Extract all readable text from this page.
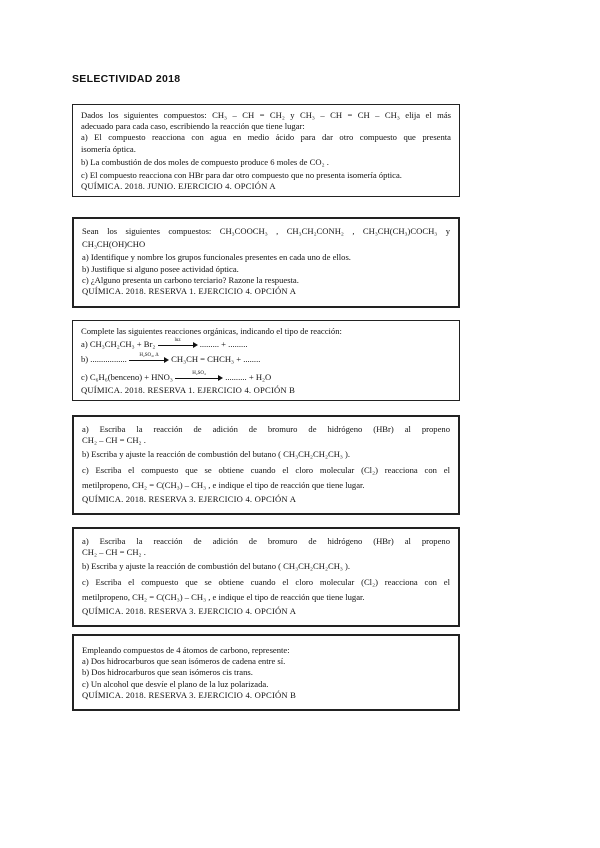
SELECTIVIDAD 2018
Dados los siguientes compuestos: CH₃ – CH = CH₂ y CH₃ – CH = CH – CH₃ elija el más
adecuado para cada caso, escribiendo la reacción que tiene lugar:
a) El compuesto reacciona con agua en medio ácido para dar otro compuesto que presenta
isomería óptica.
b) La combustión de dos moles de compuesto produce 6 moles de CO₂ .
c) El compuesto reacciona con HBr para dar otro compuesto que no presenta isomería óptica.
QUÍMICA. 2018. JUNIO. EJERCICIO 4. OPCIÓN A
Sean los siguientes compuestos: CH₃COOCH₃ , CH₃CH₂CONH₂ , CH₃CH(CH₃)COCH₃ y
CH₃CH(OH)CHO
a) Identifique y nombre los grupos funcionales presentes en cada uno de ellos.
b) Justifique si alguno posee actividad óptica.
c) ¿Alguno presenta un carbono terciario? Razone la respuesta.
QUÍMICA. 2018. RESERVA 1. EJERCICIO 4. OPCIÓN A
Complete las siguientes reacciones orgánicas, indicando el tipo de reacción:
a) CH₃CH₂CH₃ + Br₂	luz	......... + .........
b) .................	H₂SO₄, Δ	CH₃CH = CHCH₃ + ........
c) C₆H₆(benceno) + HNO₃	H₂SO₄	.......... + H₂O
QUÍMICA. 2018. RESERVA 1. EJERCICIO 4. OPCIÓN B
a) Escriba la reacción de adición de bromuro de hidrógeno (HBr) al propeno
CH₂ – CH = CH₂ .
b) Escriba y ajuste la reacción de combustión del butano ( CH₃CH₂CH₂CH₃ ).
c) Escriba el compuesto que se obtiene cuando el cloro molecular (Cl₂) reacciona con el
metilpropeno, CH₂ = C(CH₃) – CH₃ , e indique el tipo de reacción que tiene lugar.
QUÍMICA. 2018. RESERVA 3. EJERCICIO 4. OPCIÓN A
a) Escriba la reacción de adición de bromuro de hidrógeno (HBr) al propeno
CH₂ – CH = CH₂ .
b) Escriba y ajuste la reacción de combustión del butano ( CH₃CH₂CH₂CH₃ ).
c) Escriba el compuesto que se obtiene cuando el cloro molecular (Cl₂) reacciona con el
metilpropeno, CH₂ = C(CH₃) – CH₃ , e indique el tipo de reacción que tiene lugar.
QUÍMICA. 2018. RESERVA 3. EJERCICIO 4. OPCIÓN A
Empleando compuestos de 4 átomos de carbono, represente:
a) Dos hidrocarburos que sean isómeros de cadena entre sí.
b) Dos hidrocarburos que sean isómeros cis trans.
c) Un alcohol que desvíe el plano de la luz polarizada.
QUÍMICA. 2018. RESERVA 3. EJERCICIO 4. OPCIÓN B
